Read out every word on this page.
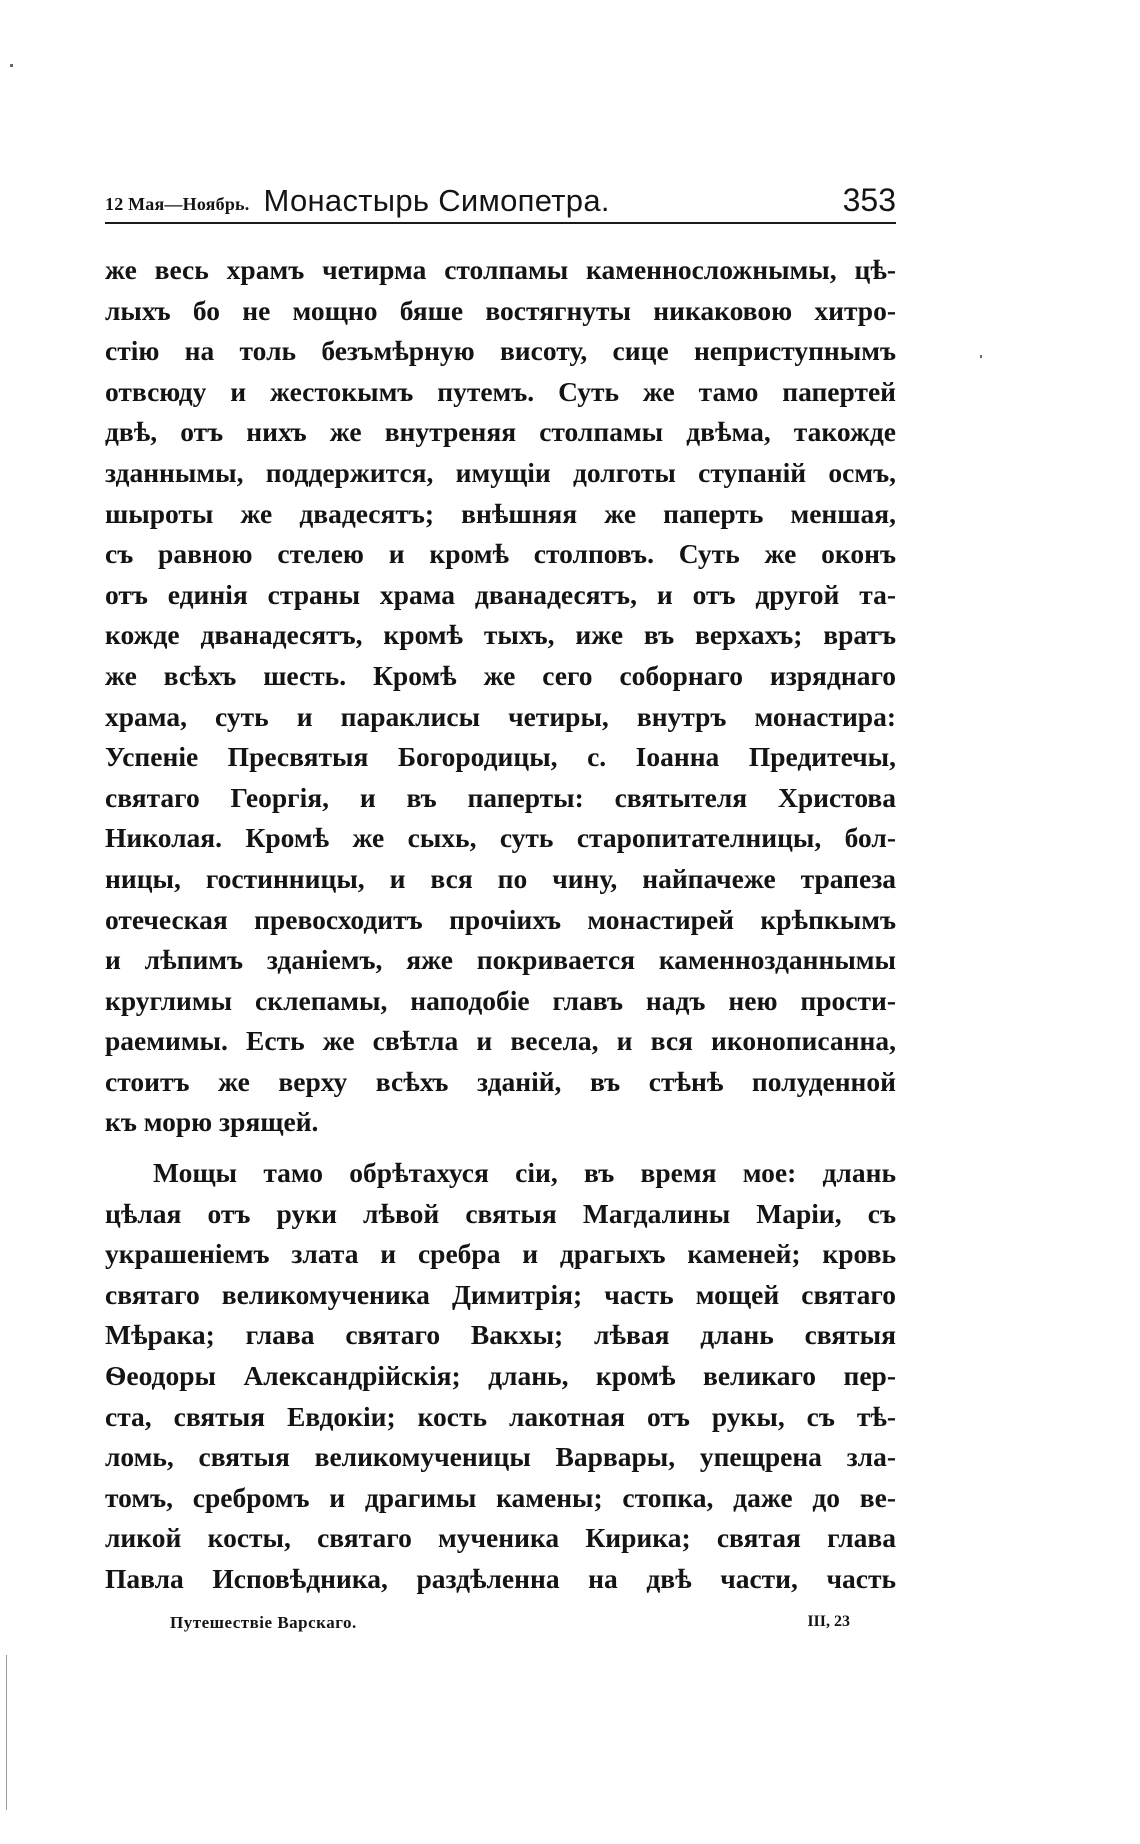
12 Мая—Ноябрь. Монастырь Симопетра.	353
же весь храмъ четирма столпамы каменносложнымы, цѣ-
лыхъ бо не мощно бяше востягнуты никаковою хитро-
стію на толь безъмѣрную висоту, сице неприступнымъ
отвсюду и жестокымъ путемъ. Суть же тамо папертей
двѣ, отъ нихъ же внутреняя столпамы двѣма, такожде
зданнымы, поддержится, имущіи долготы ступаній осмъ,
шыроты же двадесятъ; внѣшняя же паперть меншая,
съ равною стелею и кромѣ столповъ. Суть же оконъ
отъ единія страны храма дванадесятъ, и отъ другой та-
кожде дванадесятъ, кромѣ тыхъ, иже въ верхахъ; вратъ
же всѣхъ шесть. Кромѣ же сего соборнаго изряднаго
храма, суть и параклисы четиры, внутръ монастира:
Успеніе Пресвятыя Богородицы, с. Іоанна Предитечы,
святаго Георгія, и въ паперты: святытеля Христова
Николая. Кромѣ же сыхь, суть старопитателницы, бол-
ницы, гостинницы, и вся по чину, найпачеже трапеза
отеческая превосходитъ прочіихъ монастирей крѣпкымъ
и лѣпимъ зданіемъ, яже покривается каменнозданнымы
круглимы склепамы, наподобіе главъ надъ нею прости-
раемимы. Есть же свѣтла и весела, и вся иконописанна,
стоитъ же верху всѣхъ зданій, въ стѣнѣ полуденной
къ морю зрящей.
Мощы тамо обрѣтахуся сіи, въ время мое: длань
цѣлая отъ руки лѣвой святыя Магдалины Маріи, съ
украшеніемъ злата и сребра и драгыхъ каменей; кровь
святаго великомученика Димитрія; часть мощей святаго
Мѣрака; глава святаго Вакхы; лѣвая длань святыя
Ѳеодоры Александрійскія; длань, кромѣ великаго пер-
ста, святыя Евдокіи; кость лакотная отъ рукы, съ тѣ-
ломь, святыя великомученицы Варвары, упещрена зла-
томъ, сребромъ и драгимы камены; стопка, даже до ве-
ликой косты, святаго мученика Кирика; святая глава
Павла Исповѣдника, раздѣленна на двѣ части, часть
Путешествіе Варскаго.	III, 23
